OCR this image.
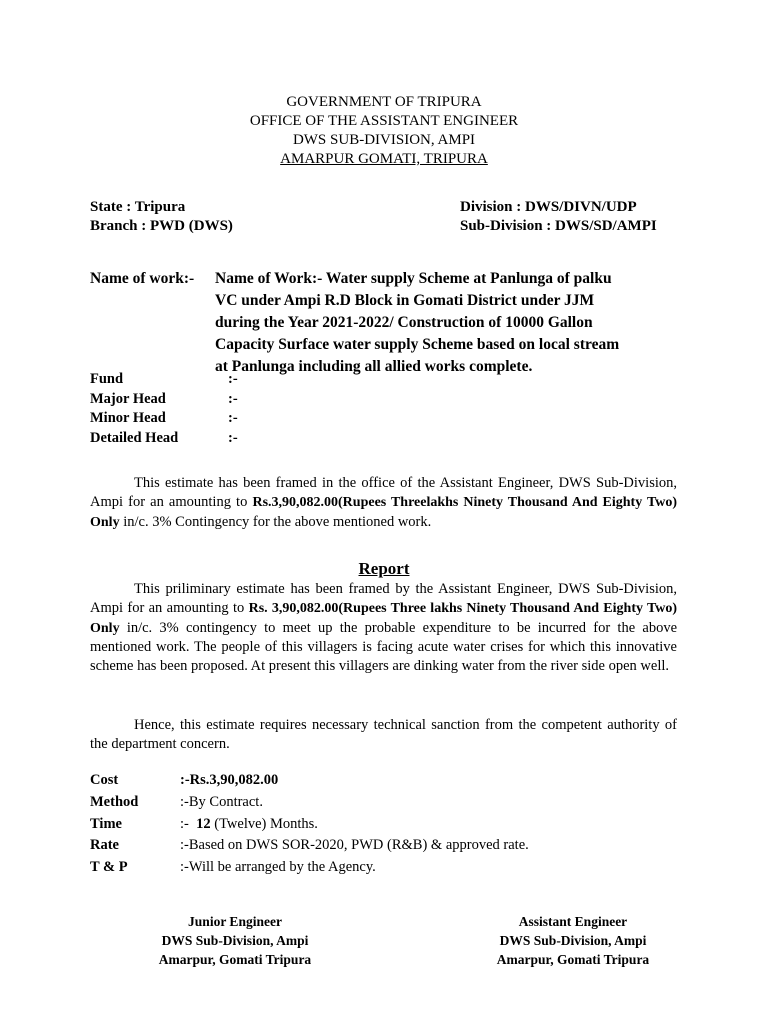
GOVERNMENT OF TRIPURA
OFFICE OF THE ASSISTANT ENGINEER
DWS SUB-DIVISION, AMPI
AMARPUR GOMATI, TRIPURA
State : Tripura
Branch : PWD (DWS)
Division : DWS/DIVN/UDP
Sub-Division : DWS/SD/AMPI
Name of work:- Name of Work:- Water supply Scheme at Panlunga of palku
VC under Ampi R.D Block in Gomati District under JJM
during the Year 2021-2022/ Construction of 10000 Gallon
Capacity Surface water supply Scheme based on local stream
at Panlunga including all allied works complete.
Fund	:-
Major Head	:-
Minor Head	:-
Detailed Head	:-
This estimate has been framed in the office of the Assistant Engineer, DWS Sub-Division, Ampi for an amounting to Rs.3,90,082.00(Rupees Threelakhs Ninety Thousand And Eighty Two) Only in/c. 3% Contingency for the above mentioned work.
Report
This priliminary estimate has been framed by the Assistant Engineer, DWS Sub-Division, Ampi for an amounting to Rs. 3,90,082.00(Rupees Three lakhs Ninety Thousand And Eighty Two) Only in/c. 3% contingency to meet up the probable expenditure to be incurred for the above mentioned work. The people of this villagers is facing acute water crises for which this innovative scheme has been proposed. At present this villagers are dinking water from the river side open well.
Hence, this estimate requires necessary technical sanction from the competent authority of the department concern.
Cost	:-Rs.3,90,082.00
Method	:-By Contract.
Time	:- 12 (Twelve) Months.
Rate	:-Based on DWS SOR-2020, PWD (R&B) & approved rate.
T & P	:-Will be arranged by the Agency.
Junior Engineer
DWS Sub-Division, Ampi
Amarpur, Gomati Tripura
Assistant Engineer
DWS Sub-Division, Ampi
Amarpur, Gomati Tripura
